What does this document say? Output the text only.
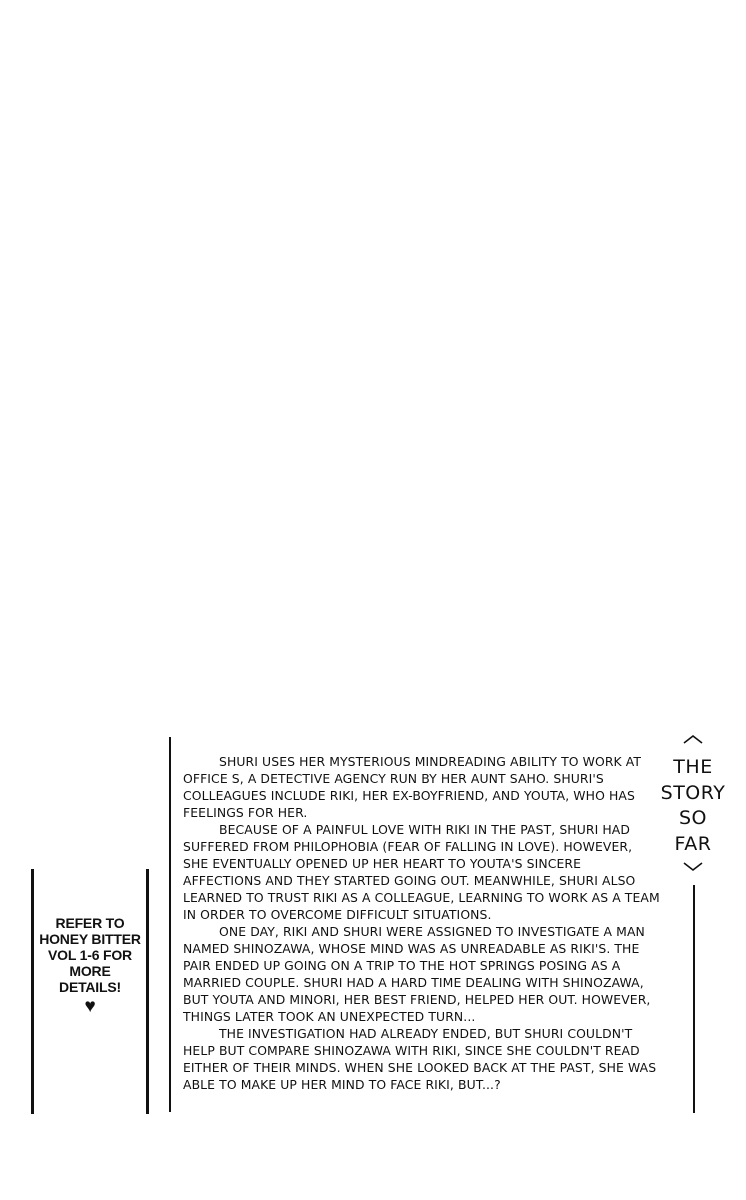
REFER TO
HONEY BITTER
VOL 1-6 FOR
MORE
DETAILS!
♥

SHURI USES HER MYSTERIOUS MINDREADING ABILITY TO WORK AT OFFICE S, A DETECTIVE AGENCY RUN BY HER AUNT SAHO. SHURI'S COLLEAGUES INCLUDE RIKI, HER EX-BOYFRIEND, AND YOUTA, WHO HAS FEELINGS FOR HER.

BECAUSE OF A PAINFUL LOVE WITH RIKI IN THE PAST, SHURI HAD SUFFERED FROM PHILOPHOBIA (FEAR OF FALLING IN LOVE). HOWEVER, SHE EVENTUALLY OPENED UP HER HEART TO YOUTA'S SINCERE AFFECTIONS AND THEY STARTED GOING OUT. MEANWHILE, SHURI ALSO LEARNED TO TRUST RIKI AS A COLLEAGUE, LEARNING TO WORK AS A TEAM IN ORDER TO OVERCOME DIFFICULT SITUATIONS.

ONE DAY, RIKI AND SHURI WERE ASSIGNED TO INVESTIGATE A MAN NAMED SHINOZAWA, WHOSE MIND WAS AS UNREADABLE AS RIKI'S. THE PAIR ENDED UP GOING ON A TRIP TO THE HOT SPRINGS POSING AS A MARRIED COUPLE. SHURI HAD A HARD TIME DEALING WITH SHINOZAWA, BUT YOUTA AND MINORI, HER BEST FRIEND, HELPED HER OUT. HOWEVER, THINGS LATER TOOK AN UNEXPECTED TURN...

THE INVESTIGATION HAD ALREADY ENDED, BUT SHURI COULDN'T HELP BUT COMPARE SHINOZAWA WITH RIKI, SINCE SHE COULDN'T READ EITHER OF THEIR MINDS. WHEN SHE LOOKED BACK AT THE PAST, SHE WAS ABLE TO MAKE UP HER MIND TO FACE RIKI, BUT...?

THE
STORY
SO
FAR
